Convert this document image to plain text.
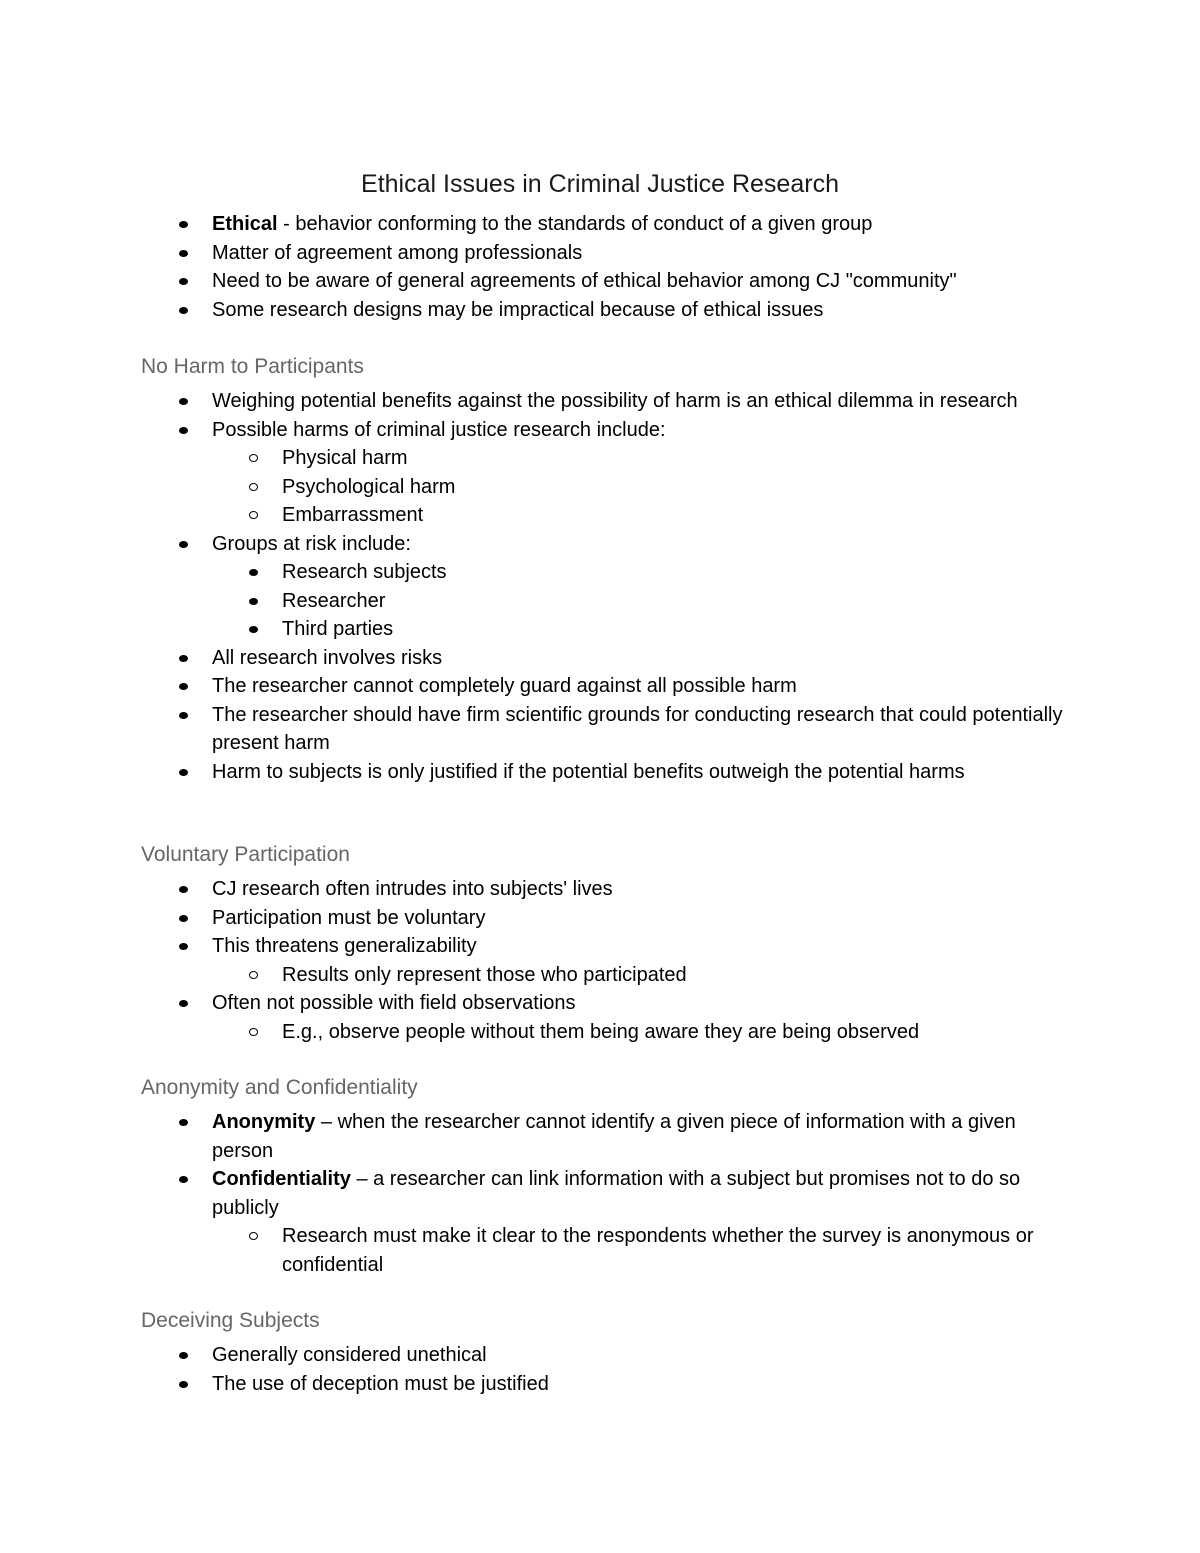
Ethical Issues in Criminal Justice Research
Ethical - behavior conforming to the standards of conduct of a given group
Matter of agreement among professionals
Need to be aware of general agreements of ethical behavior among CJ "community"
Some research designs may be impractical because of ethical issues
No Harm to Participants
Weighing potential benefits against the possibility of harm is an ethical dilemma in research
Possible harms of criminal justice research include:
Physical harm
Psychological harm
Embarrassment
Groups at risk include:
Research subjects
Researcher
Third parties
All research involves risks
The researcher cannot completely guard against all possible harm
The researcher should have firm scientific grounds for conducting research that could potentially present harm
Harm to subjects is only justified if the potential benefits outweigh the potential harms
Voluntary Participation
CJ research often intrudes into subjects' lives
Participation must be voluntary
This threatens generalizability
Results only represent those who participated
Often not possible with field observations
E.g., observe people without them being aware they are being observed
Anonymity and Confidentiality
Anonymity – when the researcher cannot identify a given piece of information with a given person
Confidentiality – a researcher can link information with a subject but promises not to do so publicly
Research must make it clear to the respondents whether the survey is anonymous or confidential
Deceiving Subjects
Generally considered unethical
The use of deception must be justified
